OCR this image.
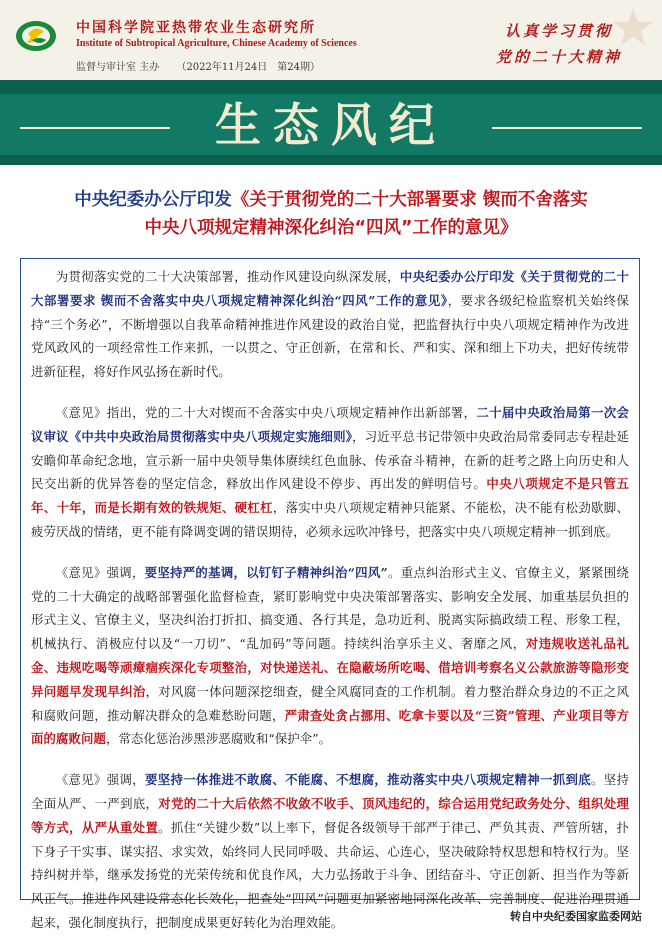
中国科学院亚热带农业生态研究所
Institute of Subtropical Agriculture, Chinese Academy of Sciences
监督与审计室 主办 （2022年11月24日　第24期）
认真学习贯彻
党的二十大精神
生态风纪
中央纪委办公厅印发《关于贯彻党的二十大部署要求 锲而不舍落实
中央八项规定精神深化纠治“四风”工作的意见》

为贯彻落实党的二十大决策部署，推动作风建设向纵深发展，中央纪委办公厅印发《关于贯彻党的二十大部署要求 锲而不舍落实中央八项规定精神深化纠治“四风”工作的意见》，要求各级纪检监察机关始终保持“三个务必”，不断增强以自我革命精神推进作风建设的政治自觉，把监督执行中央八项规定精神作为改进党风政风的一项经常性工作来抓，一以贯之、守正创新，在常和长、严和实、深和细上下功夫，把好传统带进新征程，将好作风弘扬在新时代。

《意见》指出，党的二十大对锲而不舍落实中央八项规定精神作出新部署，二十届中央政治局第一次会议审议《中共中央政治局贯彻落实中央八项规定实施细则》，习近平总书记带领中央政治局常委同志专程赴延安瞻仰革命纪念地，宣示新一届中央领导集体赓续红色血脉、传承奋斗精神，在新的赶考之路上向历史和人民交出新的优异答卷的坚定信念，释放出作风建设不停步、再出发的鲜明信号。中央八项规定不是只管五年、十年，而是长期有效的铁规矩、硬杠杠，落实中央八项规定精神只能紧、不能松，决不能有松劲歇脚、疲劳厌战的情绪，更不能有降调变调的错误期待，必须永远吹冲锋号，把落实中央八项规定精神一抓到底。

《意见》强调，要坚持严的基调，以钉钉子精神纠治“四风”。重点纠治形式主义、官僚主义，紧紧围绕党的二十大确定的战略部署强化监督检查，紧盯影响党中央决策部署落实、影响安全发展、加重基层负担的形式主义、官僚主义，坚决纠治打折扣、搞变通、各行其是，急功近利、脱离实际搞政绩工程、形象工程，机械执行、消极应付以及“一刀切”、“乱加码”等问题。持续纠治享乐主义、奢靡之风，对违规收送礼品礼金、违规吃喝等顽瘴痼疾深化专项整治，对快递送礼、在隐蔽场所吃喝、借培训考察名义公款旅游等隐形变异问题早发现早纠治，对风腐一体问题深挖细查，健全风腐同查的工作机制。着力整治群众身边的不正之风和腐败问题，推动解决群众的急难愁盼问题，严肃查处贪占挪用、吃拿卡要以及“三资”管理、产业项目等方面的腐败问题，常态化惩治涉黑涉恶腐败和“保护伞”。

《意见》强调，要坚持一体推进不敢腐、不能腐、不想腐，推动落实中央八项规定精神一抓到底。坚持全面从严、一严到底，对党的二十大后依然不收敛不收手、顶风违纪的，综合运用党纪政务处分、组织处理等方式，从严从重处置。抓住“关键少数”以上率下，督促各级领导干部严于律己、严负其责、严管所辖，扑下身子干实事、谋实招、求实效，始终同人民同呼吸、共命运、心连心，坚决破除特权思想和特权行为。坚持纠树并举，继承发扬党的光荣传统和优良作风，大力弘扬敢于斗争、团结奋斗、守正创新、担当作为等新风正气。推进作风建设常态化长效化，把查处“四风”问题更加紧密地同深化改革、完善制度、促进治理贯通起来，强化制度执行，把制度成果更好转化为治理效能。	转自中央纪委国家监委网站
